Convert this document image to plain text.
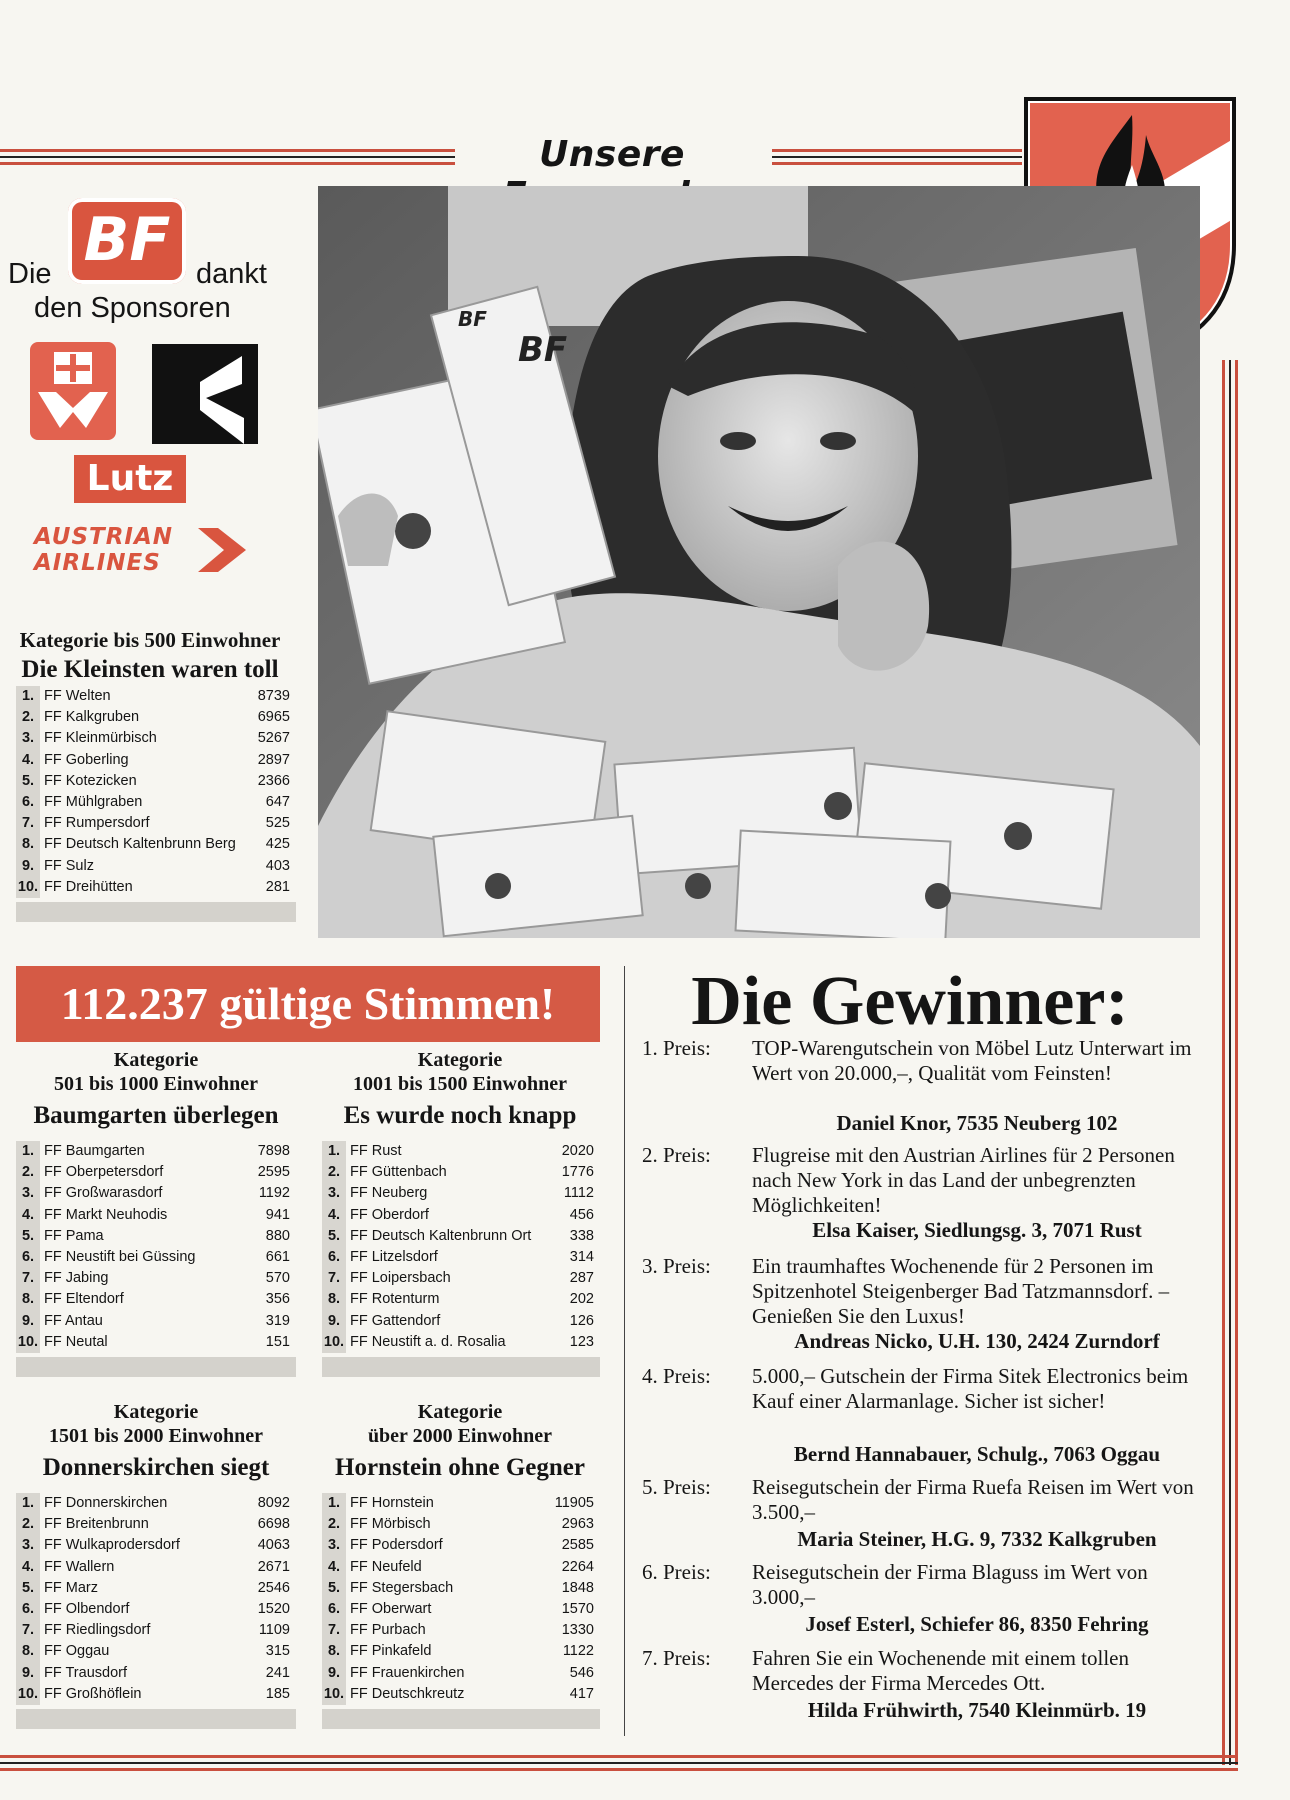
Unsere
Die	dankt
den Sponsoren
BF
Lutz
AUSTRIAN
AIRLINES
BF
BF
Kategorie bis 500 Einwohner
Die Kleinsten waren toll
1. FF Welten	8739
2. FF Kalkgruben	6965
3. FF Kleinmürbisch	5267
4. FF Goberling	2897
5. FF Kotezicken	2366
6. FF Mühlgraben	647
7. FF Rumpersdorf	525
8. FF Deutsch Kaltenbrunn Berg 425
9. FF Sulz	403
10. FF Dreihütten	281
112.237 gültige Stimmen!
Kategorie
501 bis 1000 Einwohner
Baumgarten überlegen
1. FF Baumgarten	7898
2. FF Oberpetersdorf	2595
3. FF Großwarasdorf	1192
4. FF Markt Neuhodis	941
5. FF Pama	880
6. FF Neustift bei Güssing	661
7. FF Jabing	570
8. FF Eltendorf	356
9. FF Antau	319
10. FF Neutal	151
Kategorie
1001 bis 1500 Einwohner
Es wurde noch knapp
1. FF Rust	2020
2. FF Güttenbach	1776
3. FF Neuberg	1112
4. FF Oberdorf	456
5. FF Deutsch Kaltenbrunn Ort	338
6. FF Litzelsdorf	314
7. FF Loipersbach	287
8. FF Rotenturm	202
9. FF Gattendorf	126
10. FF Neustift a. d. Rosalia	123
Kategorie
1501 bis 2000 Einwohner
Donnerskirchen siegt
1. FF Donnerskirchen	8092
2. FF Breitenbrunn	6698
3. FF Wulkaprodersdorf	4063
4. FF Wallern	2671
5. FF Marz	2546
6. FF Olbendorf	1520
7. FF Riedlingsdorf	1109
8. FF Oggau	315
9. FF Trausdorf	241
10. FF Großhöflein	185
Kategorie
über 2000 Einwohner
Hornstein ohne Gegner
1. FF Hornstein	11905
2. FF Mörbisch	2963
3. FF Podersdorf	2585
4. FF Neufeld	2264
5. FF Stegersbach	1848
6. FF Oberwart	1570
7. FF Purbach	1330
8. FF Pinkafeld	1122
9. FF Frauenkirchen	546
10. FF Deutschkreutz	417
Die Gewinner:
1. Preis:	TOP-Warengutschein von Möbel Lutz Unterwart im Wert von 20.000,–, Qualität vom Feinsten!
Daniel Knor, 7535 Neuberg 102
2. Preis:	Flugreise mit den Austrian Airlines für 2 Personen nach New York in das Land der unbegrenzten Möglichkeiten!
Elsa Kaiser, Siedlungsg. 3, 7071 Rust
3. Preis:	Ein traumhaftes Wochenende für 2 Personen im Spitzenhotel Steigenberger Bad Tatzmannsdorf. – Genießen Sie den Luxus!
Andreas Nicko, U.H. 130, 2424 Zurndorf
4. Preis:	5.000,– Gutschein der Firma Sitek Electronics beim Kauf einer Alarmanlage. Sicher ist sicher!
Bernd Hannabauer, Schulg., 7063 Oggau
5. Preis:	Reisegutschein der Firma Ruefa Reisen im Wert von 3.500,–
Maria Steiner, H.G. 9, 7332 Kalkgruben
6. Preis:	Reisegutschein der Firma Blaguss im Wert von 3.000,–
Josef Esterl, Schiefer 86, 8350 Fehring
7. Preis:	Fahren Sie ein Wochenende mit einem tollen Mercedes der Firma Mercedes Ott.
Hilda Frühwirth, 7540 Kleinmürb. 19
